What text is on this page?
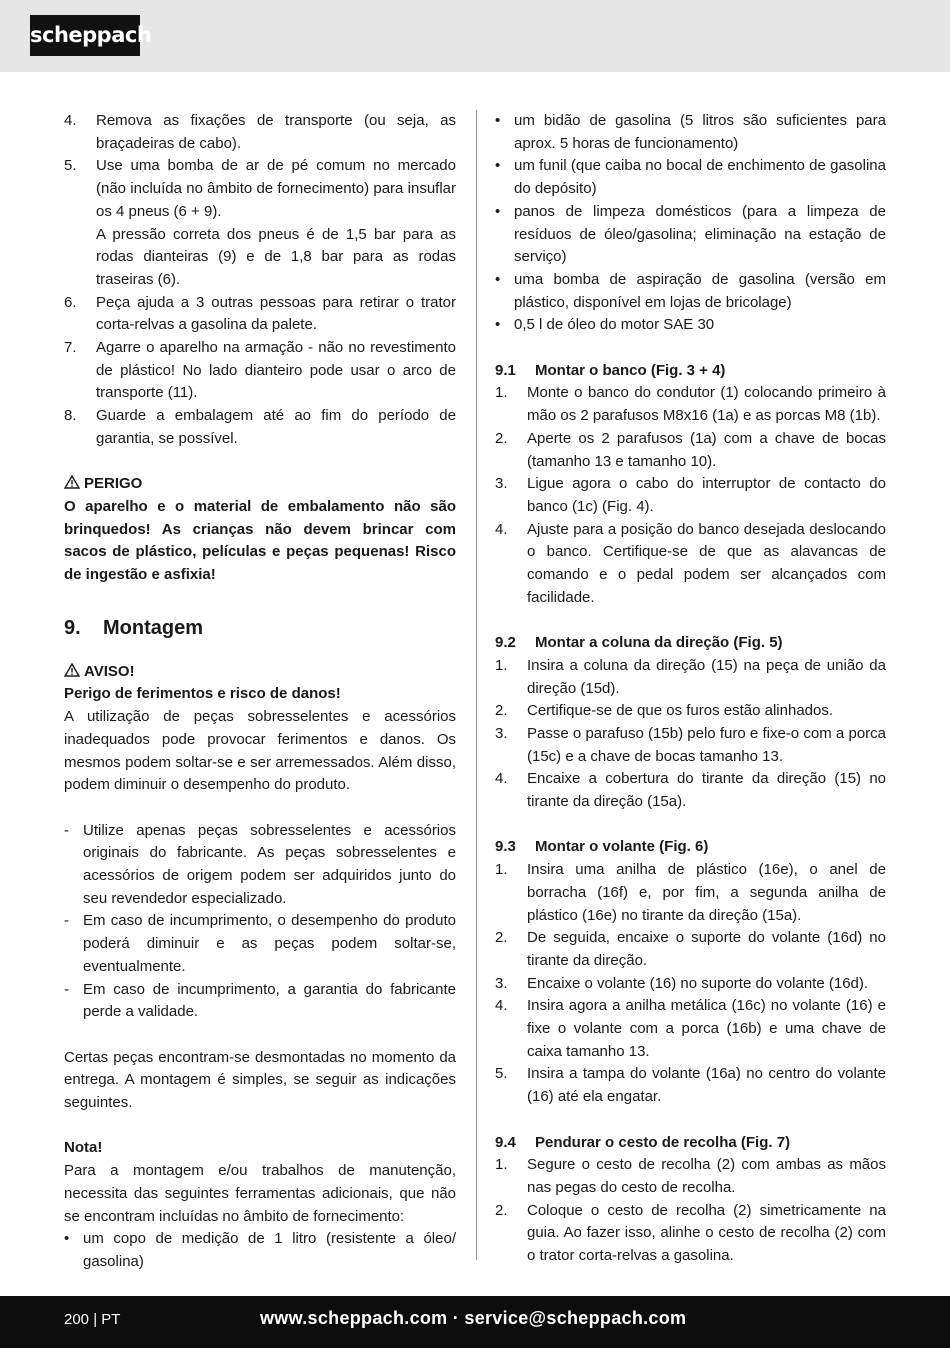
scheppach
4. Remova as fixações de transporte (ou seja, as braçadeiras de cabo).
5. Use uma bomba de ar de pé comum no mercado (não incluída no âmbito de fornecimento) para insuflar os 4 pneus (6 + 9).
A pressão correta dos pneus é de 1,5 bar para as rodas dianteiras (9) e de 1,8 bar para as rodas traseiras (6).
6. Peça ajuda a 3 outras pessoas para retirar o trator corta-relvas a gasolina da palete.
7. Agarre o aparelho na armação - não no revestimento de plástico! No lado dianteiro pode usar o arco de transporte (11).
8. Guarde a embalagem até ao fim do período de garantia, se possível.
PERIGO
O aparelho e o material de embalamento não são brinquedos! As crianças não devem brincar com sacos de plástico, películas e peças pequenas! Risco de ingestão e asfixia!
9. Montagem
AVISO!
Perigo de ferimentos e risco de danos!
A utilização de peças sobresselentes e acessórios inadequados pode provocar ferimentos e danos. Os mesmos podem soltar-se e ser arremessados. Além disso, podem diminuir o desempenho do produto.
- Utilize apenas peças sobresselentes e acessórios originais do fabricante. As peças sobresselentes e acessórios de origem podem ser adquiridos junto do seu revendedor especializado.
- Em caso de incumprimento, o desempenho do produto poderá diminuir e as peças podem soltar-se, eventualmente.
- Em caso de incumprimento, a garantia do fabricante perde a validade.
Certas peças encontram-se desmontadas no momento da entrega. A montagem é simples, se seguir as indicações seguintes.
Nota!
Para a montagem e/ou trabalhos de manutenção, necessita das seguintes ferramentas adicionais, que não se encontram incluídas no âmbito de fornecimento:
• um copo de medição de 1 litro (resistente a óleo/ gasolina)
• um bidão de gasolina (5 litros são suficientes para aprox. 5 horas de funcionamento)
• um funil (que caiba no bocal de enchimento de gasolina do depósito)
• panos de limpeza domésticos (para a limpeza de resíduos de óleo/gasolina; eliminação na estação de serviço)
• uma bomba de aspiração de gasolina (versão em plástico, disponível em lojas de bricolage)
• 0,5 l de óleo do motor SAE 30
9.1 Montar o banco (Fig. 3 + 4)
1. Monte o banco do condutor (1) colocando primeiro à mão os 2 parafusos M8x16 (1a) e as porcas M8 (1b).
2. Aperte os 2 parafusos (1a) com a chave de bocas (tamanho 13 e tamanho 10).
3. Ligue agora o cabo do interruptor de contacto do banco (1c) (Fig. 4).
4. Ajuste para a posição do banco desejada deslocando o banco. Certifique-se de que as alavancas de comando e o pedal podem ser alcançados com facilidade.
9.2 Montar a coluna da direção (Fig. 5)
1. Insira a coluna da direção (15) na peça de união da direção (15d).
2. Certifique-se de que os furos estão alinhados.
3. Passe o parafuso (15b) pelo furo e fixe-o com a porca (15c) e a chave de bocas tamanho 13.
4. Encaixe a cobertura do tirante da direção (15) no tirante da direção (15a).
9.3 Montar o volante (Fig. 6)
1. Insira uma anilha de plástico (16e), o anel de borracha (16f) e, por fim, a segunda anilha de plástico (16e) no tirante da direção (15a).
2. De seguida, encaixe o suporte do volante (16d) no tirante da direção.
3. Encaixe o volante (16) no suporte do volante (16d).
4. Insira agora a anilha metálica (16c) no volante (16) e fixe o volante com a porca (16b) e uma chave de caixa tamanho 13.
5. Insira a tampa do volante (16a) no centro do volante (16) até ela engatar.
9.4 Pendurar o cesto de recolha (Fig. 7)
1. Segure o cesto de recolha (2) com ambas as mãos nas pegas do cesto de recolha.
2. Coloque o cesto de recolha (2) simetricamente na guia. Ao fazer isso, alinhe o cesto de recolha (2) com o trator corta-relvas a gasolina.
200 | PT	www.scheppach.com · service@scheppach.com
